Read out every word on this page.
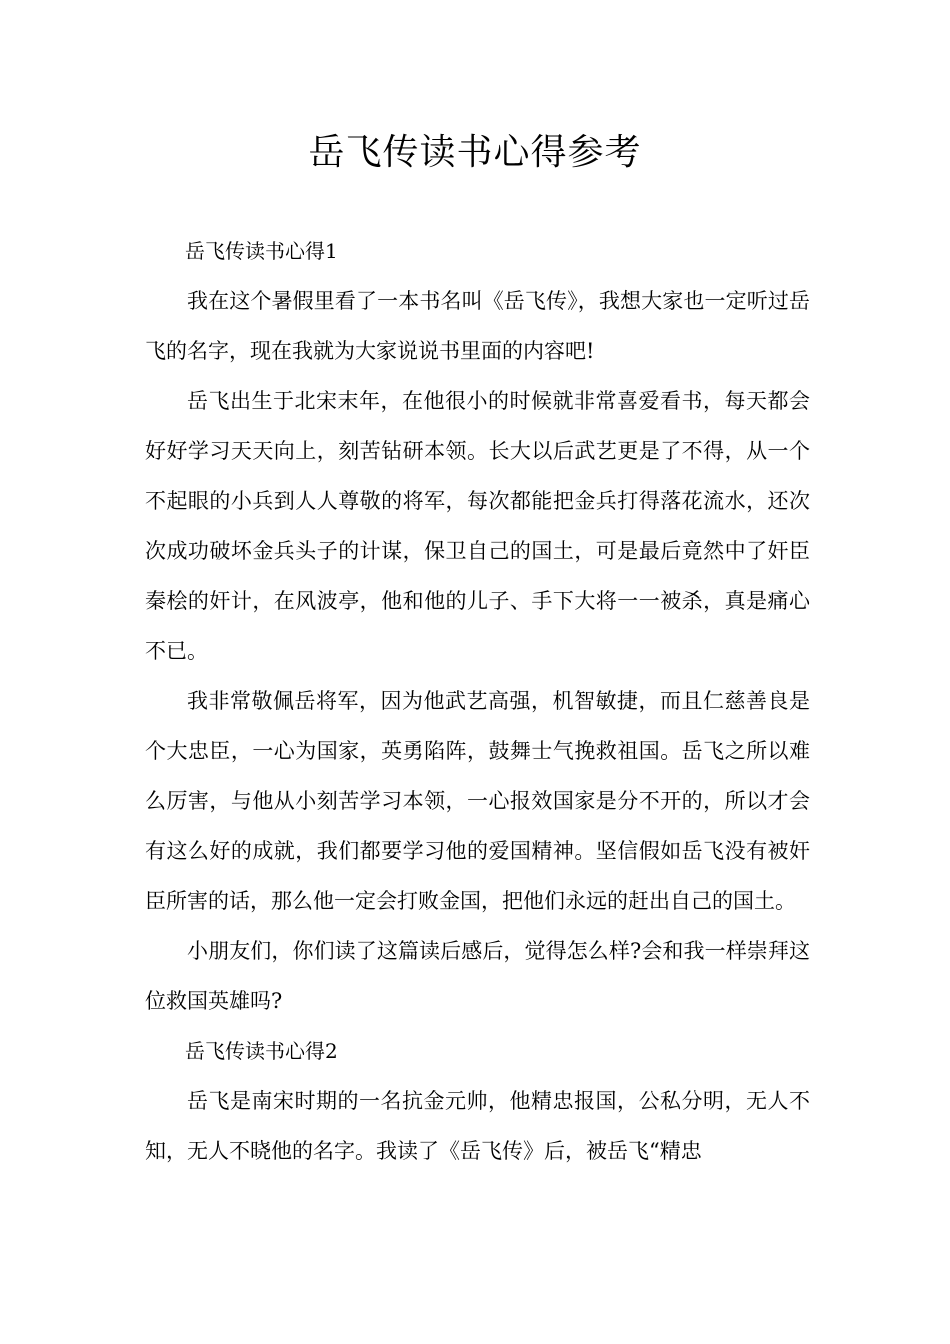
岳飞传读书心得参考

岳飞传读书心得1

我在这个暑假里看了一本书名叫《岳飞传》，我想大家也一定听过岳飞的名字，现在我就为大家说说书里面的内容吧!

岳飞出生于北宋末年，在他很小的时候就非常喜爱看书，每天都会好好学习天天向上，刻苦钻研本领。长大以后武艺更是了不得，从一个不起眼的小兵到人人尊敬的将军，每次都能把金兵打得落花流水，还次次成功破坏金兵头子的计谋，保卫自己的国土，可是最后竟然中了奸臣秦桧的奸计，在风波亭，他和他的儿子、手下大将一一被杀，真是痛心不已。

我非常敬佩岳将军，因为他武艺高强，机智敏捷，而且仁慈善良是个大忠臣，一心为国家，英勇陷阵，鼓舞士气挽救祖国。岳飞之所以难么厉害，与他从小刻苦学习本领，一心报效国家是分不开的，所以才会有这么好的成就，我们都要学习他的爱国精神。坚信假如岳飞没有被奸臣所害的话，那么他一定会打败金国，把他们永远的赶出自己的国土。

小朋友们，你们读了这篇读后感后，觉得怎么样?会和我一样崇拜这位救国英雄吗?

岳飞传读书心得2

岳飞是南宋时期的一名抗金元帅，他精忠报国，公私分明，无人不知，无人不晓他的名字。我读了《岳飞传》后，被岳飞“精忠
